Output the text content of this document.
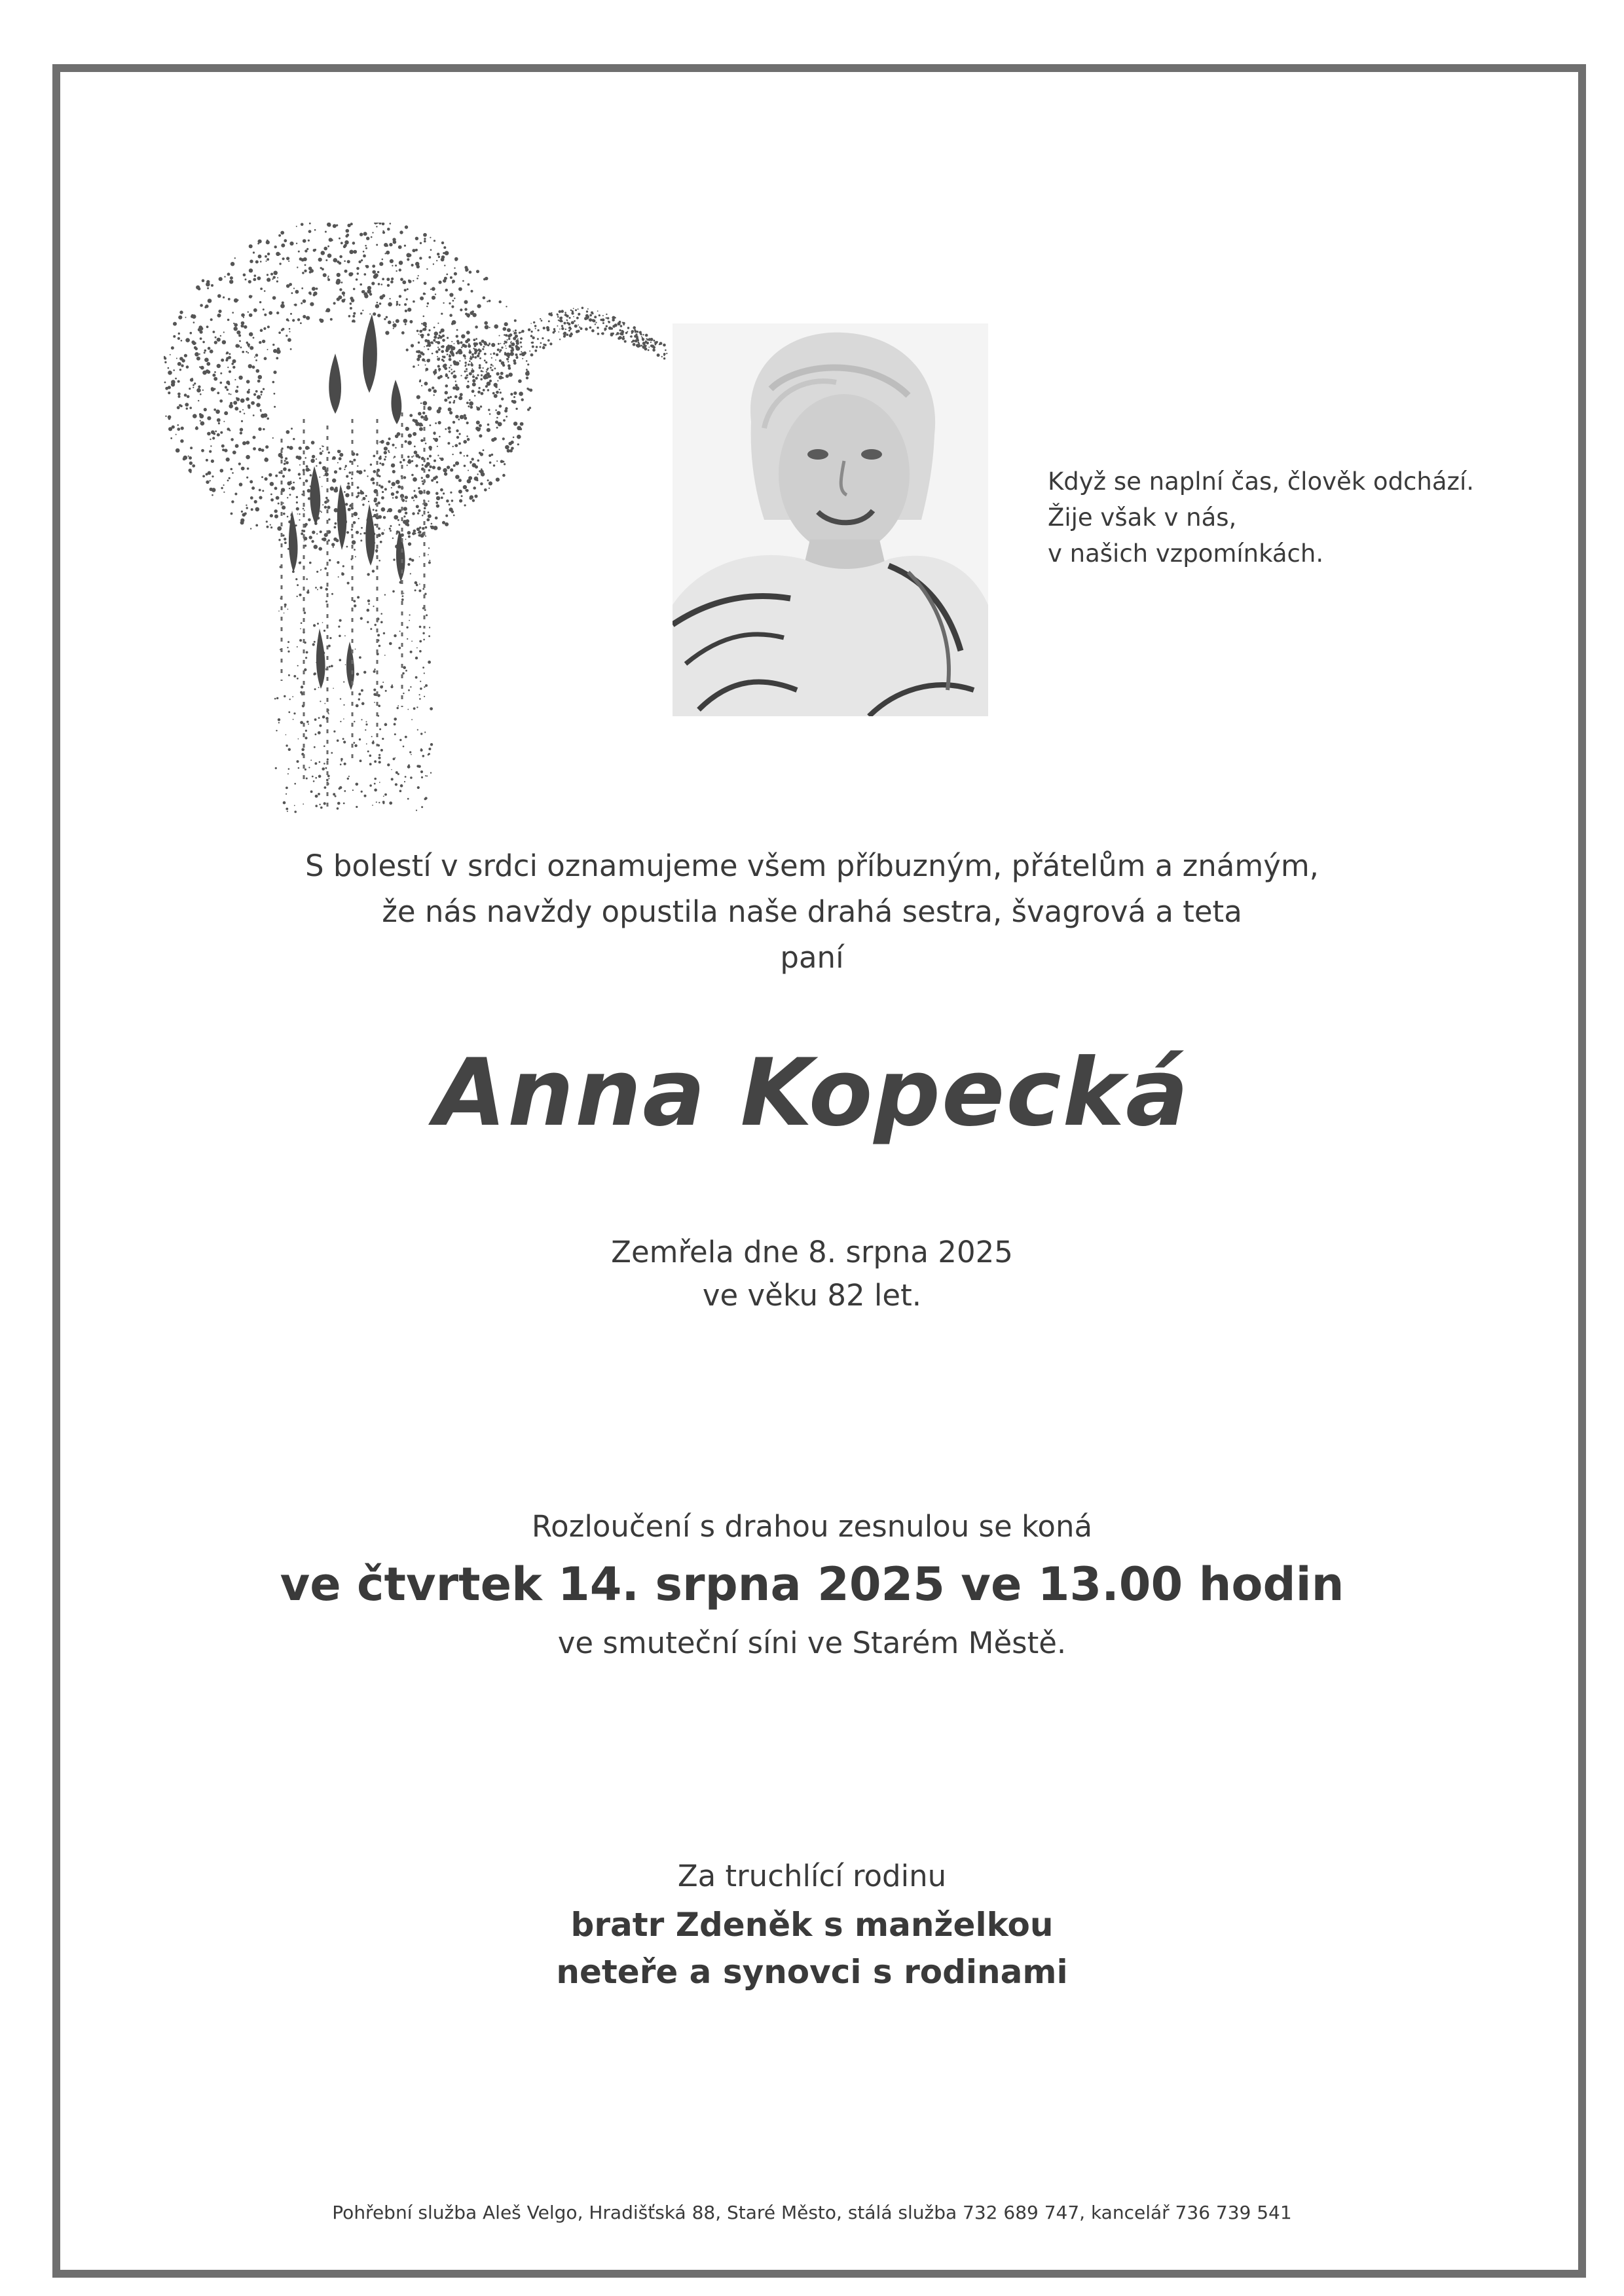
Když se naplní čas, člověk odchází.
Žije však v nás,
v našich vzpomínkách.
S bolestí v srdci oznamujeme všem příbuzným, přátelům a známým,
že nás navždy opustila naše drahá sestra, švagrová a teta
paní
Anna Kopecká
Zemřela dne 8. srpna 2025
ve věku 82 let.
Rozloučení s drahou zesnulou se koná
ve čtvrtek 14. srpna 2025 ve 13.00 hodin
ve smuteční síni ve Starém Městě.
Za truchlící rodinu
bratr Zdeněk s manželkou
neteře a synovci s rodinami
Pohřební služba Aleš Velgo, Hradišťská 88, Staré Město, stálá služba 732 689 747, kancelář 736 739 541
